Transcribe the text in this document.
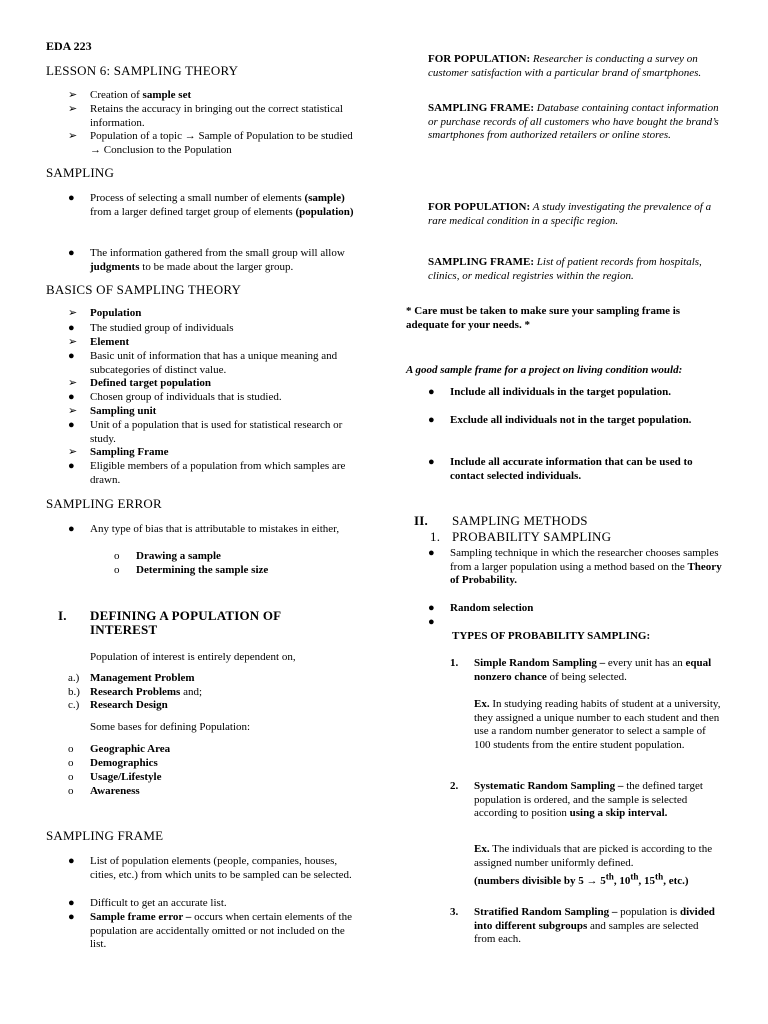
EDA 223
LESSON 6: SAMPLING THEORY
➢ Creation of sample set
➢ Retains the accuracy in bringing out the correct statistical information.
➢ Population of a topic → Sample of Population to be studied → Conclusion to the Population
SAMPLING
● Process of selecting a small number of elements (sample) from a larger defined target group of elements (population)
● The information gathered from the small group will allow judgments to be made about the larger group.
BASICS OF SAMPLING THEORY
➢ Population
● The studied group of individuals
➢ Element
● Basic unit of information that has a unique meaning and subcategories of distinct value.
➢ Defined target population
● Chosen group of individuals that is studied.
➢ Sampling unit
● Unit of a population that is used for statistical research or study.
➢ Sampling Frame
● Eligible members of a population from which samples are drawn.
SAMPLING ERROR
● Any type of bias that is attributable to mistakes in either,
o Drawing a sample
o Determining the sample size
I. DEFINING A POPULATION OF
INTEREST
Population of interest is entirely dependent on,
a.) Management Problem
b.) Research Problems and;
c.) Research Design
Some bases for defining Population:
o Geographic Area
o Demographics
o Usage/Lifestyle
o Awareness
SAMPLING FRAME
● List of population elements (people, companies, houses, cities, etc.) from which units to be sampled can be selected.
● Difficult to get an accurate list.
● Sample frame error – occurs when certain elements of the population are accidentally omitted or not included on the list.
FOR POPULATION: Researcher is conducting a survey on customer satisfaction with a particular brand of smartphones.
SAMPLING FRAME: Database containing contact information or purchase records of all customers who have bought the brand’s smartphones from authorized retailers or online stores.
FOR POPULATION: A study investigating the prevalence of a rare medical condition in a specific region.
SAMPLING FRAME: List of patient records from hospitals, clinics, or medical registries within the region.
* Care must be taken to make sure your sampling frame is adequate for your needs. *
A good sample frame for a project on living condition would:
● Include all individuals in the target population.
● Exclude all individuals not in the target population.
● Include all accurate information that can be used to contact selected individuals.
II. SAMPLING METHODS
1. PROBABILITY SAMPLING
● Sampling technique in which the researcher chooses samples from a larger population using a method based on the Theory of Probability.
● Random selection
●
TYPES OF PROBABILITY SAMPLING:
1. Simple Random Sampling – every unit has an equal nonzero chance of being selected.
Ex. In studying reading habits of student at a university, they assigned a unique number to each student and then use a random number generator to select a sample of 100 students from the entire student population.
2. Systematic Random Sampling – the defined target population is ordered, and the sample is selected according to position using a skip interval.
Ex. The individuals that are picked is according to the assigned number uniformly defined.
(numbers divisible by 5 → 5th, 10th, 15th, etc.)
3. Stratified Random Sampling – population is divided into different subgroups and samples are selected from each.
